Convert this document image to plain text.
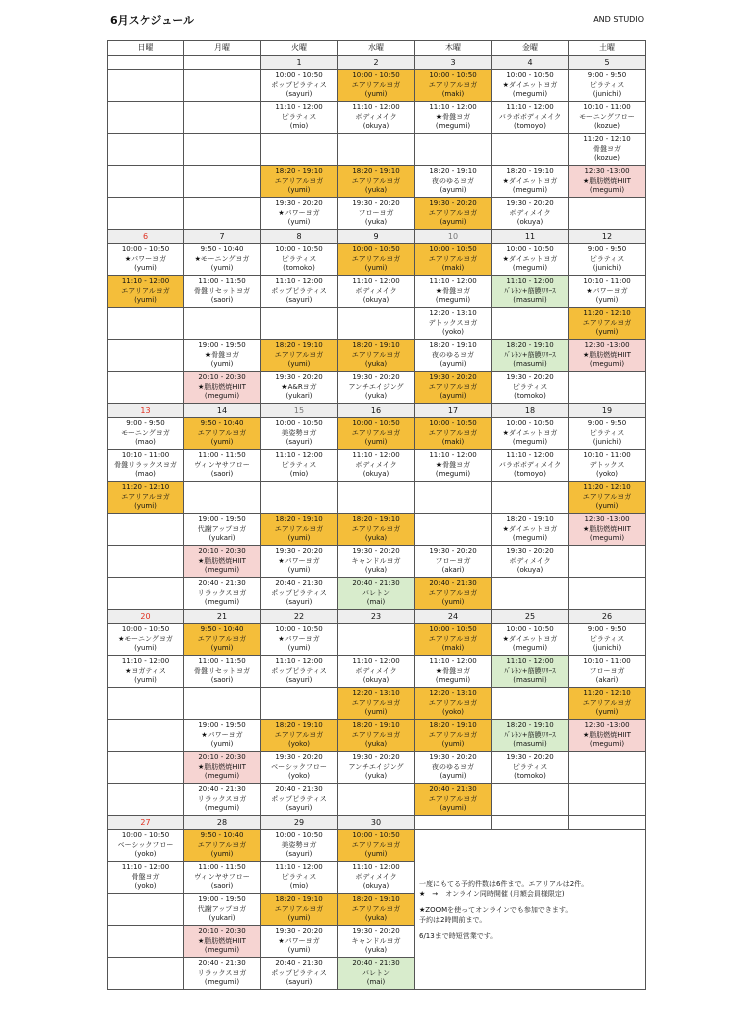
6月スケジュール	AND STUDIO
日曜	月曜	火曜	水曜	木曜	金曜	土曜
		1	2	3	4	5

		10:00 - 10:50
ポップピラティス
(sayuri)	10:00 - 10:50
エアリアルヨガ
(yumi)	10:00 - 10:50
エアリアルヨガ
(maki)	10:00 - 10:50
★ダイエットヨガ
(megumi)	9:00 - 9:50
ピラティス
(junichi)

		11:10 - 12:00
ピラティス
(mio)	11:10 - 12:00
ボディメイク
(okuya)	11:10 - 12:00
★骨盤ヨガ
(megumi)	11:10 - 12:00
バラボボディメイク
(tomoyo)	10:10 - 11:00
モーニングフロー
(kozue)

						11:20 - 12:10
骨盤ヨガ
(kozue)

		18:20 - 19:10
エアリアルヨガ
(yumi)	18:20 - 19:10
エアリアルヨガ
(yuka)	18:20 - 19:10
夜のゆるヨガ
(ayumi)	18:20 - 19:10
★ダイエットヨガ
(megumi)	12:30 -13:00
★脂肪燃焼HIIT
(megumi)

		19:30 - 20:20
★パワーヨガ
(yumi)	19:30 - 20:20
フローヨガ
(yuka)	19:30 - 20:20
エアリアルヨガ
(ayumi)	19:30 - 20:20
ボディメイク
(okuya)	

6	7	8	9	10	11	12

10:00 - 10:50
★パワーヨガ
(yumi)	9:50 - 10:40
★モーニングヨガ
(yumi)	10:00 - 10:50
ピラティス
(tomoko)	10:00 - 10:50
エアリアルヨガ
(yumi)	10:00 - 10:50
エアリアルヨガ
(maki)	10:00 - 10:50
★ダイエットヨガ
(megumi)	9:00 - 9:50
ピラティス
(junichi)

11:10 - 12:00
エアリアルヨガ
(yumi)	11:00 - 11:50
骨盤リセットヨガ
(saori)	11:10 - 12:00
ポップピラティス
(sayuri)	11:10 - 12:00
ボディメイク
(okuya)	11:10 - 12:00
★骨盤ヨガ
(megumi)	11:10 - 12:00
ﾊﾞﾚﾄﾝ+筋膜ﾘﾘｰｽ
(masumi)	10:10 - 11:00
★パワーヨガ
(yumi)

				12:20 - 13:10
デトックスヨガ
(yoko)		11:20 - 12:10
エアリアルヨガ
(yumi)

	19:00 - 19:50
★骨盤ヨガ
(yumi)	18:20 - 19:10
エアリアルヨガ
(yumi)	18:20 - 19:10
エアリアルヨガ
(yuka)	18:20 - 19:10
夜のゆるヨガ
(ayumi)	18:20 - 19:10
ﾊﾞﾚﾄﾝ+筋膜ﾘﾘｰｽ
(masumi)	12:30 -13:00
★脂肪燃焼HIIT
(megumi)

	20:10 - 20:30
★脂肪燃焼HIIT
(megumi)	19:30 - 20:20
★A&Rヨガ
(yukari)	19:30 - 20:20
アンチエイジング
(yuka)	19:30 - 20:20
エアリアルヨガ
(ayumi)	19:30 - 20:20
ピラティス
(tomoko)	

13	14	15	16	17	18	19

9:00 - 9:50
モーニングヨガ
(mao)	9:50 - 10:40
エアリアルヨガ
(yumi)	10:00 - 10:50
美姿勢ヨガ
(sayuri)	10:00 - 10:50
エアリアルヨガ
(yumi)	10:00 - 10:50
エアリアルヨガ
(maki)	10:00 - 10:50
★ダイエットヨガ
(megumi)	9:00 - 9:50
ピラティス
(junichi)

10:10 - 11:00
骨盤リラックスヨガ
(mao)	11:00 - 11:50
ヴィンヤサフロー
(saori)	11:10 - 12:00
ピラティス
(mio)	11:10 - 12:00
ボディメイク
(okuya)	11:10 - 12:00
★骨盤ヨガ
(megumi)	11:10 - 12:00
バラボボディメイク
(tomoyo)	10:10 - 11:00
デトックス
(yoko)

11:20 - 12:10
エアリアルヨガ
(yumi)						11:20 - 12:10
エアリアルヨガ
(yumi)

	19:00 - 19:50
代謝アップヨガ
(yukari)	18:20 - 19:10
エアリアルヨガ
(yumi)	18:20 - 19:10
エアリアルヨガ
(yuka)		18:20 - 19:10
★ダイエットヨガ
(megumi)	12:30 -13:00
★脂肪燃焼HIIT
(megumi)

	20:10 - 20:30
★脂肪燃焼HIIT
(megumi)	19:30 - 20:20
★パワーヨガ
(yumi)	19:30 - 20:20
キャンドルヨガ
(yuka)	19:30 - 20:20
フローヨガ
(akari)	19:30 - 20:20
ボディメイク
(okuya)	

	20:40 - 21:30
リラックスヨガ
(megumi)	20:40 - 21:30
ポップピラティス
(sayuri)	20:40 - 21:30
バレトン
(mai)	20:40 - 21:30
エアリアルヨガ
(yumi)		

20	21	22	23	24	25	26

10:00 - 10:50
★モーニングヨガ
(yumi)	9:50 - 10:40
エアリアルヨガ
(yumi)	10:00 - 10:50
★パワーヨガ
(yumi)		10:00 - 10:50
エアリアルヨガ
(maki)	10:00 - 10:50
★ダイエットヨガ
(megumi)	9:00 - 9:50
ピラティス
(junichi)

11:10 - 12:00
★ヨガティス
(yumi)	11:00 - 11:50
骨盤リセットヨガ
(saori)	11:10 - 12:00
ポップピラティス
(sayuri)	11:10 - 12:00
ボディメイク
(okuya)	11:10 - 12:00
★骨盤ヨガ
(megumi)	11:10 - 12:00
ﾊﾞﾚﾄﾝ+筋膜ﾘﾘｰｽ
(masumi)	10:10 - 11:00
フローヨガ
(akari)

			12:20 - 13:10
エアリアルヨガ
(yumi)	12:20 - 13:10
エアリアルヨガ
(yoko)		11:20 - 12:10
エアリアルヨガ
(yumi)

	19:00 - 19:50
★パワーヨガ
(yumi)	18:20 - 19:10
エアリアルヨガ
(yoko)	18:20 - 19:10
エアリアルヨガ
(yuka)	18:20 - 19:10
エアリアルヨガ
(yumi)	18:20 - 19:10
ﾊﾞﾚﾄﾝ+筋膜ﾘﾘｰｽ
(masumi)	12:30 -13:00
★脂肪燃焼HIIT
(megumi)

	20:10 - 20:30
★脂肪燃焼HIIT
(megumi)	19:30 - 20:20
ベーシックフロー
(yoko)	19:30 - 20:20
アンチエイジング
(yuka)	19:30 - 20:20
夜のゆるヨガ
(ayumi)	19:30 - 20:20
ピラティス
(tomoko)	

	20:40 - 21:30
リラックスヨガ
(megumi)	20:40 - 21:30
ポップピラティス
(sayuri)		20:40 - 21:30
エアリアルヨガ
(ayumi)		

27	28	29	30			

10:00 - 10:50
ベーシックフロー
(yoko)	9:50 - 10:40
エアリアルヨガ
(yumi)	10:00 - 10:50
美姿勢ヨガ
(sayuri)	10:00 - 10:50
エアリアルヨガ
(yumi)	一度にもてる予約件数は6件まで。エアリアルは2件。
★　→　オンライン同時開催 (月額会員様限定)
★ZOOMを使ってオンラインでも参加できます。
予約は2時間前まで。
6/13まで時短営業です。		

11:10 - 12:00
骨盤ヨガ
(yoko)	11:00 - 11:50
ヴィンヤサフロー
(saori)	11:10 - 12:00
ピラティス
(mio)	11:10 - 12:00
ボディメイク
(okuya)			

	19:00 - 19:50
代謝アップヨガ
(yukari)	18:20 - 19:10
エアリアルヨガ
(yumi)	18:20 - 19:10
エアリアルヨガ
(yuka)			

	20:10 - 20:30
★脂肪燃焼HIIT
(megumi)	19:30 - 20:20
★パワーヨガ
(yumi)	19:30 - 20:20
キャンドルヨガ
(yuka)			

	20:40 - 21:30
リラックスヨガ
(megumi)	20:40 - 21:30
ポップピラティス
(sayuri)	20:40 - 21:30
バレトン
(mai)			
